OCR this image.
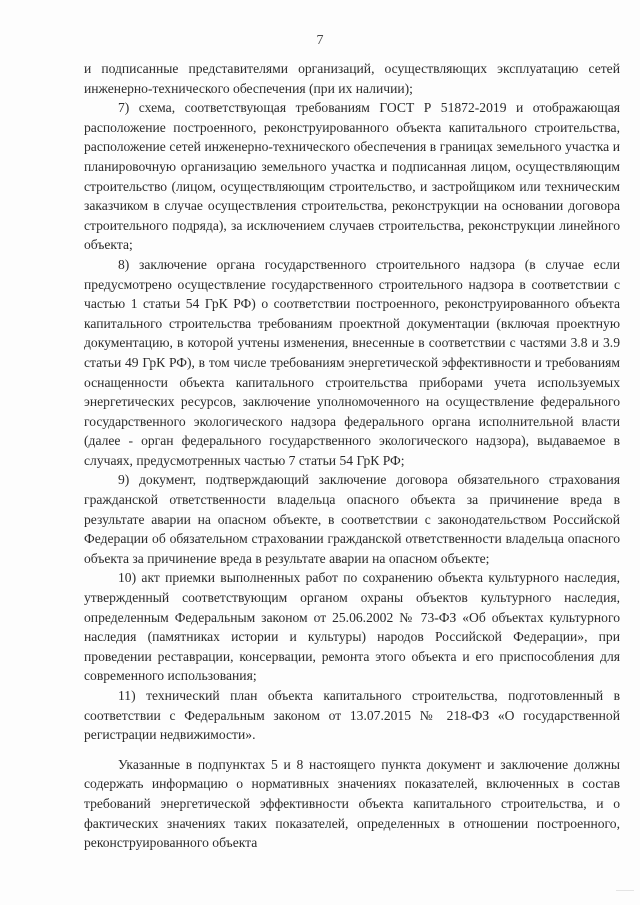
7

и подписанные представителями организаций, осуществляющих эксплуатацию сетей инженерно-технического обеспечения (при их наличии);

7) схема, соответствующая требованиям ГОСТ Р 51872-2019 и отображающая расположение построенного, реконструированного объекта капитального строительства, расположение сетей инженерно-технического обеспечения в границах земельного участка и планировочную организацию земельного участка и подписанная лицом, осуществляющим строительство (лицом, осуществляющим строительство, и застройщиком или техническим заказчиком в случае осуществления строительства, реконструкции на основании договора строительного подряда), за исключением случаев строительства, реконструкции линейного объекта;

8) заключение органа государственного строительного надзора (в случае если предусмотрено осуществление государственного строительного надзора в соответствии с частью 1 статьи 54 ГрК РФ) о соответствии построенного, реконструированного объекта капитального строительства требованиям проектной документации (включая проектную документацию, в которой учтены изменения, внесенные в соответствии с частями 3.8 и 3.9 статьи 49 ГрК РФ), в том числе требованиям энергетической эффективности и требованиям оснащенности объекта капитального строительства приборами учета используемых энергетических ресурсов, заключение уполномоченного на осуществление федерального государственного экологического надзора федерального органа исполнительной власти (далее - орган федерального государственного экологического надзора), выдаваемое в случаях, предусмотренных частью 7 статьи 54 ГрК РФ;

9) документ, подтверждающий заключение договора обязательного страхования гражданской ответственности владельца опасного объекта за причинение вреда в результате аварии на опасном объекте, в соответствии с законодательством Российской Федерации об обязательном страховании гражданской ответственности владельца опасного объекта за причинение вреда в результате аварии на опасном объекте;

10) акт приемки выполненных работ по сохранению объекта культурного наследия, утвержденный соответствующим органом охраны объектов культурного наследия, определенным Федеральным законом от 25.06.2002 № 73-ФЗ «Об объектах культурного наследия (памятниках истории и культуры) народов Российской Федерации», при проведении реставрации, консервации, ремонта этого объекта и его приспособления для современного использования;

11) технический план объекта капитального строительства, подготовленный в соответствии с Федеральным законом от 13.07.2015 № 218-ФЗ «О государственной регистрации недвижимости».

Указанные в подпунктах 5 и 8 настоящего пункта документ и заключение должны содержать информацию о нормативных значениях показателей, включенных в состав требований энергетической эффективности объекта капитального строительства, и о фактических значениях таких показателей, определенных в отношении построенного, реконструированного объекта
